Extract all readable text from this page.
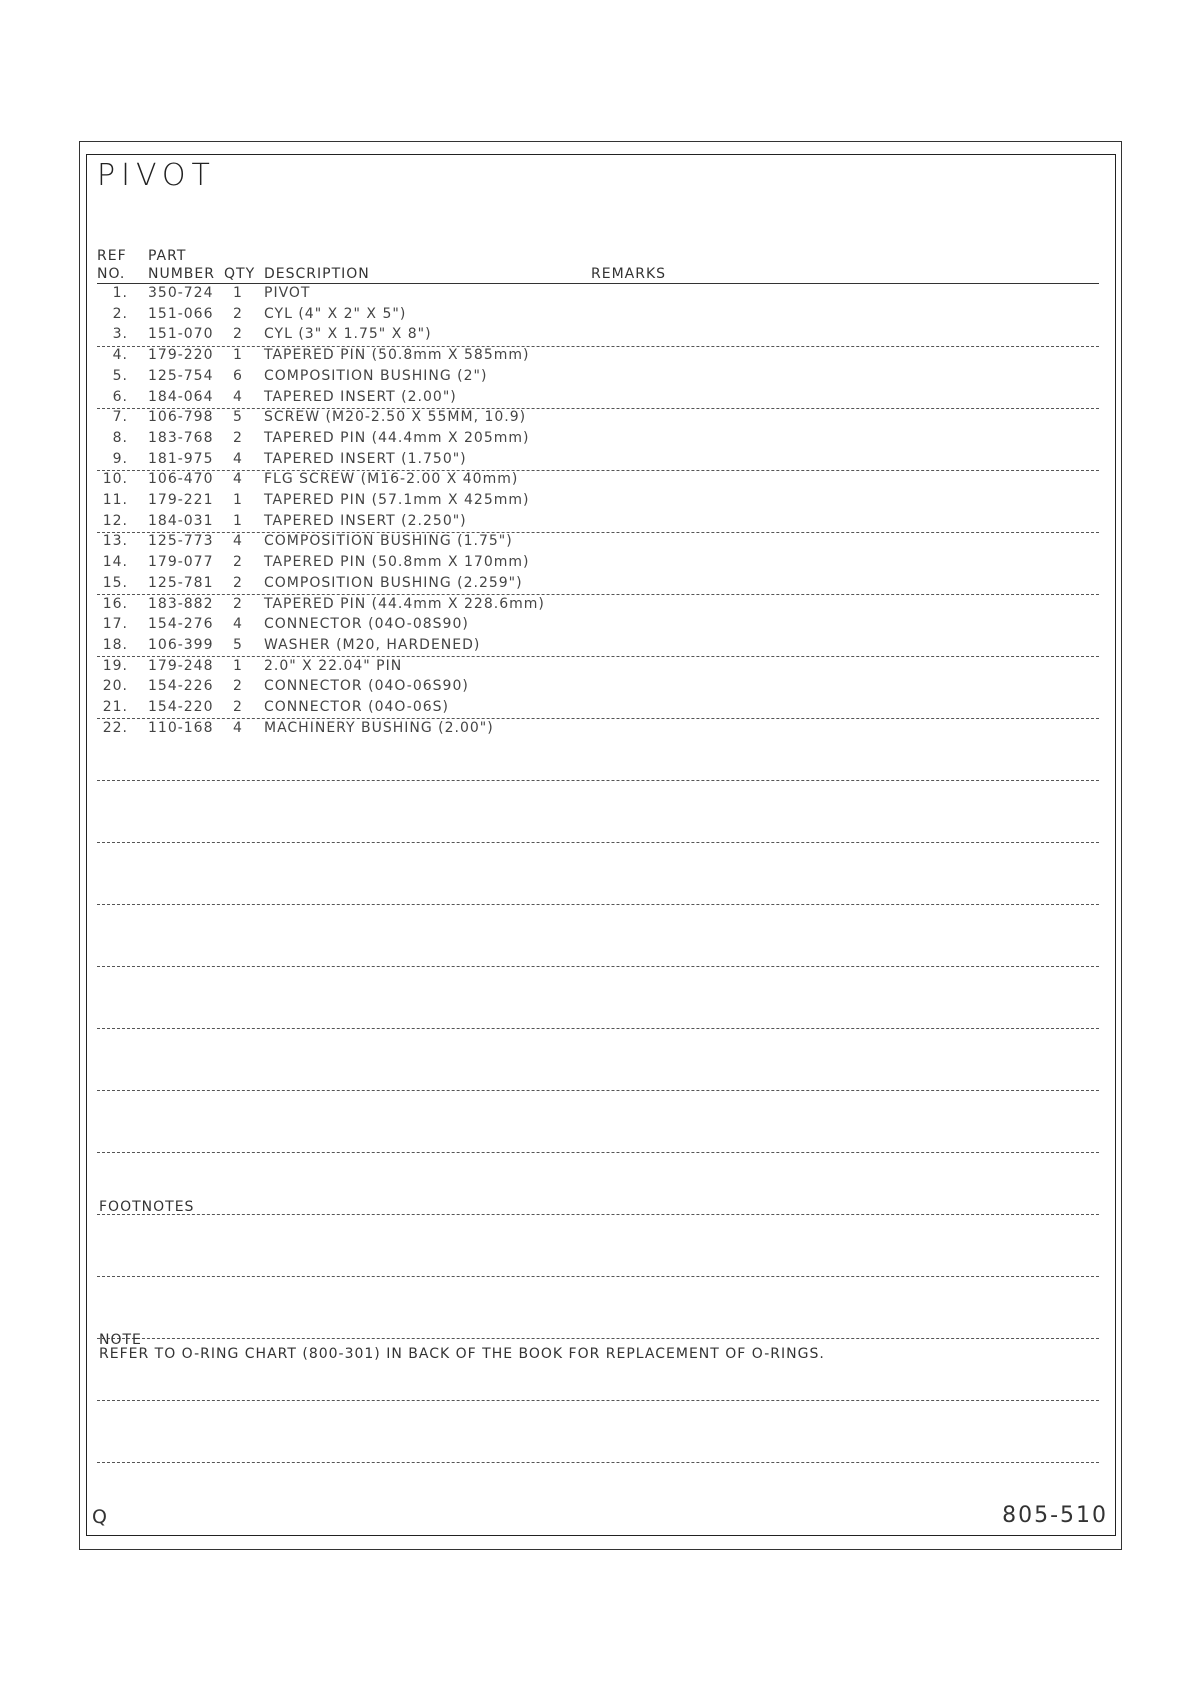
PIVOT
REF
NO.
PART
NUMBER QTY DESCRIPTION	REMARKS
1. 350-724 1 PIVOT
2. 151-066 2 CYL (4" X 2" X 5")
3. 151-070 2 CYL (3" X 1.75" X 8")
4. 179-220 1 TAPERED PIN (50.8mm X 585mm)
5. 125-754 6 COMPOSITION BUSHING (2")
6. 184-064 4 TAPERED INSERT (2.00")
7. 106-798 5 SCREW (M20-2.50 X 55MM, 10.9)
8. 183-768 2 TAPERED PIN (44.4mm X 205mm)
9. 181-975 4 TAPERED INSERT (1.750")
10. 106-470 4 FLG SCREW (M16-2.00 X 40mm)
11. 179-221 1 TAPERED PIN (57.1mm X 425mm)
12. 184-031 1 TAPERED INSERT (2.250")
13. 125-773 4 COMPOSITION BUSHING (1.75")
14. 179-077 2 TAPERED PIN (50.8mm X 170mm)
15. 125-781 2 COMPOSITION BUSHING (2.259")
16. 183-882 2 TAPERED PIN (44.4mm X 228.6mm)
17. 154-276 4 CONNECTOR (04O-08S90)
18. 106-399 5 WASHER (M20, HARDENED)
19. 179-248 1 2.0" X 22.04" PIN
20. 154-226 2 CONNECTOR (04O-06S90)
21. 154-220 2 CONNECTOR (04O-06S)
22. 110-168 4 MACHINERY BUSHING (2.00")
FOOTNOTES
NOTE
REFER TO O-RING CHART (800-301) IN BACK OF THE BOOK FOR REPLACEMENT OF O-RINGS.
Q	805-510
